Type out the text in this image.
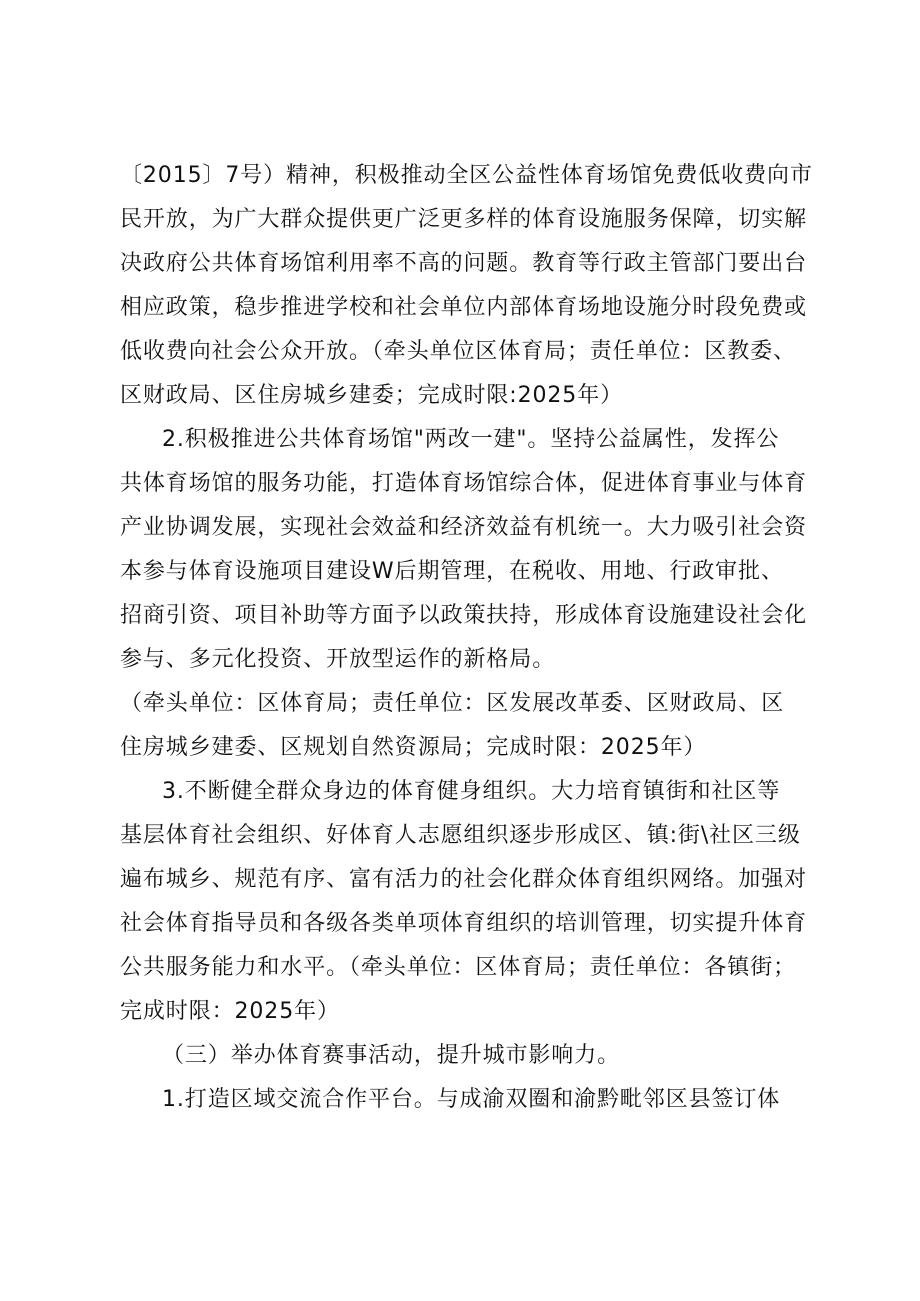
〔2015〕7号）精神，积极推动全区公益性体育场馆免费低收费向市
民开放，为广大群众提供更广泛更多样的体育设施服务保障，切实解
决政府公共体育场馆利用率不高的问题。教育等行政主管部门要出台
相应政策，稳步推进学校和社会单位内部体育场地设施分时段免费或
低收费向社会公众开放。（牵头单位区体育局；责任单位：区教委、
区财政局、区住房城乡建委；完成时限:2025年）
2.积极推进公共体育场馆"两改一建"。坚持公益属性，发挥公
共体育场馆的服务功能，打造体育场馆综合体，促进体育事业与体育
产业协调发展，实现社会效益和经济效益有机统一。大力吸引社会资
本参与体育设施项目建设W后期管理，在税收、用地、行政审批、
招商引资、项目补助等方面予以政策扶持，形成体育设施建设社会化
参与、多元化投资、开放型运作的新格局。
（牵头单位：区体育局；责任单位：区发展改革委、区财政局、区
住房城乡建委、区规划自然资源局；完成时限：2025年）
3.不断健全群众身边的体育健身组织。大力培育镇街和社区等
基层体育社会组织、好体育人志愿组织逐步形成区、镇:街\社区三级
遍布城乡、规范有序、富有活力的社会化群众体育组织网络。加强对
社会体育指导员和各级各类单项体育组织的培训管理，切实提升体育
公共服务能力和水平。（牵头单位：区体育局；责任单位：各镇街；
完成时限：2025年）
（三）举办体育赛事活动，提升城市影响力。
1.打造区域交流合作平台。与成渝双圈和渝黔毗邻区县签订体
